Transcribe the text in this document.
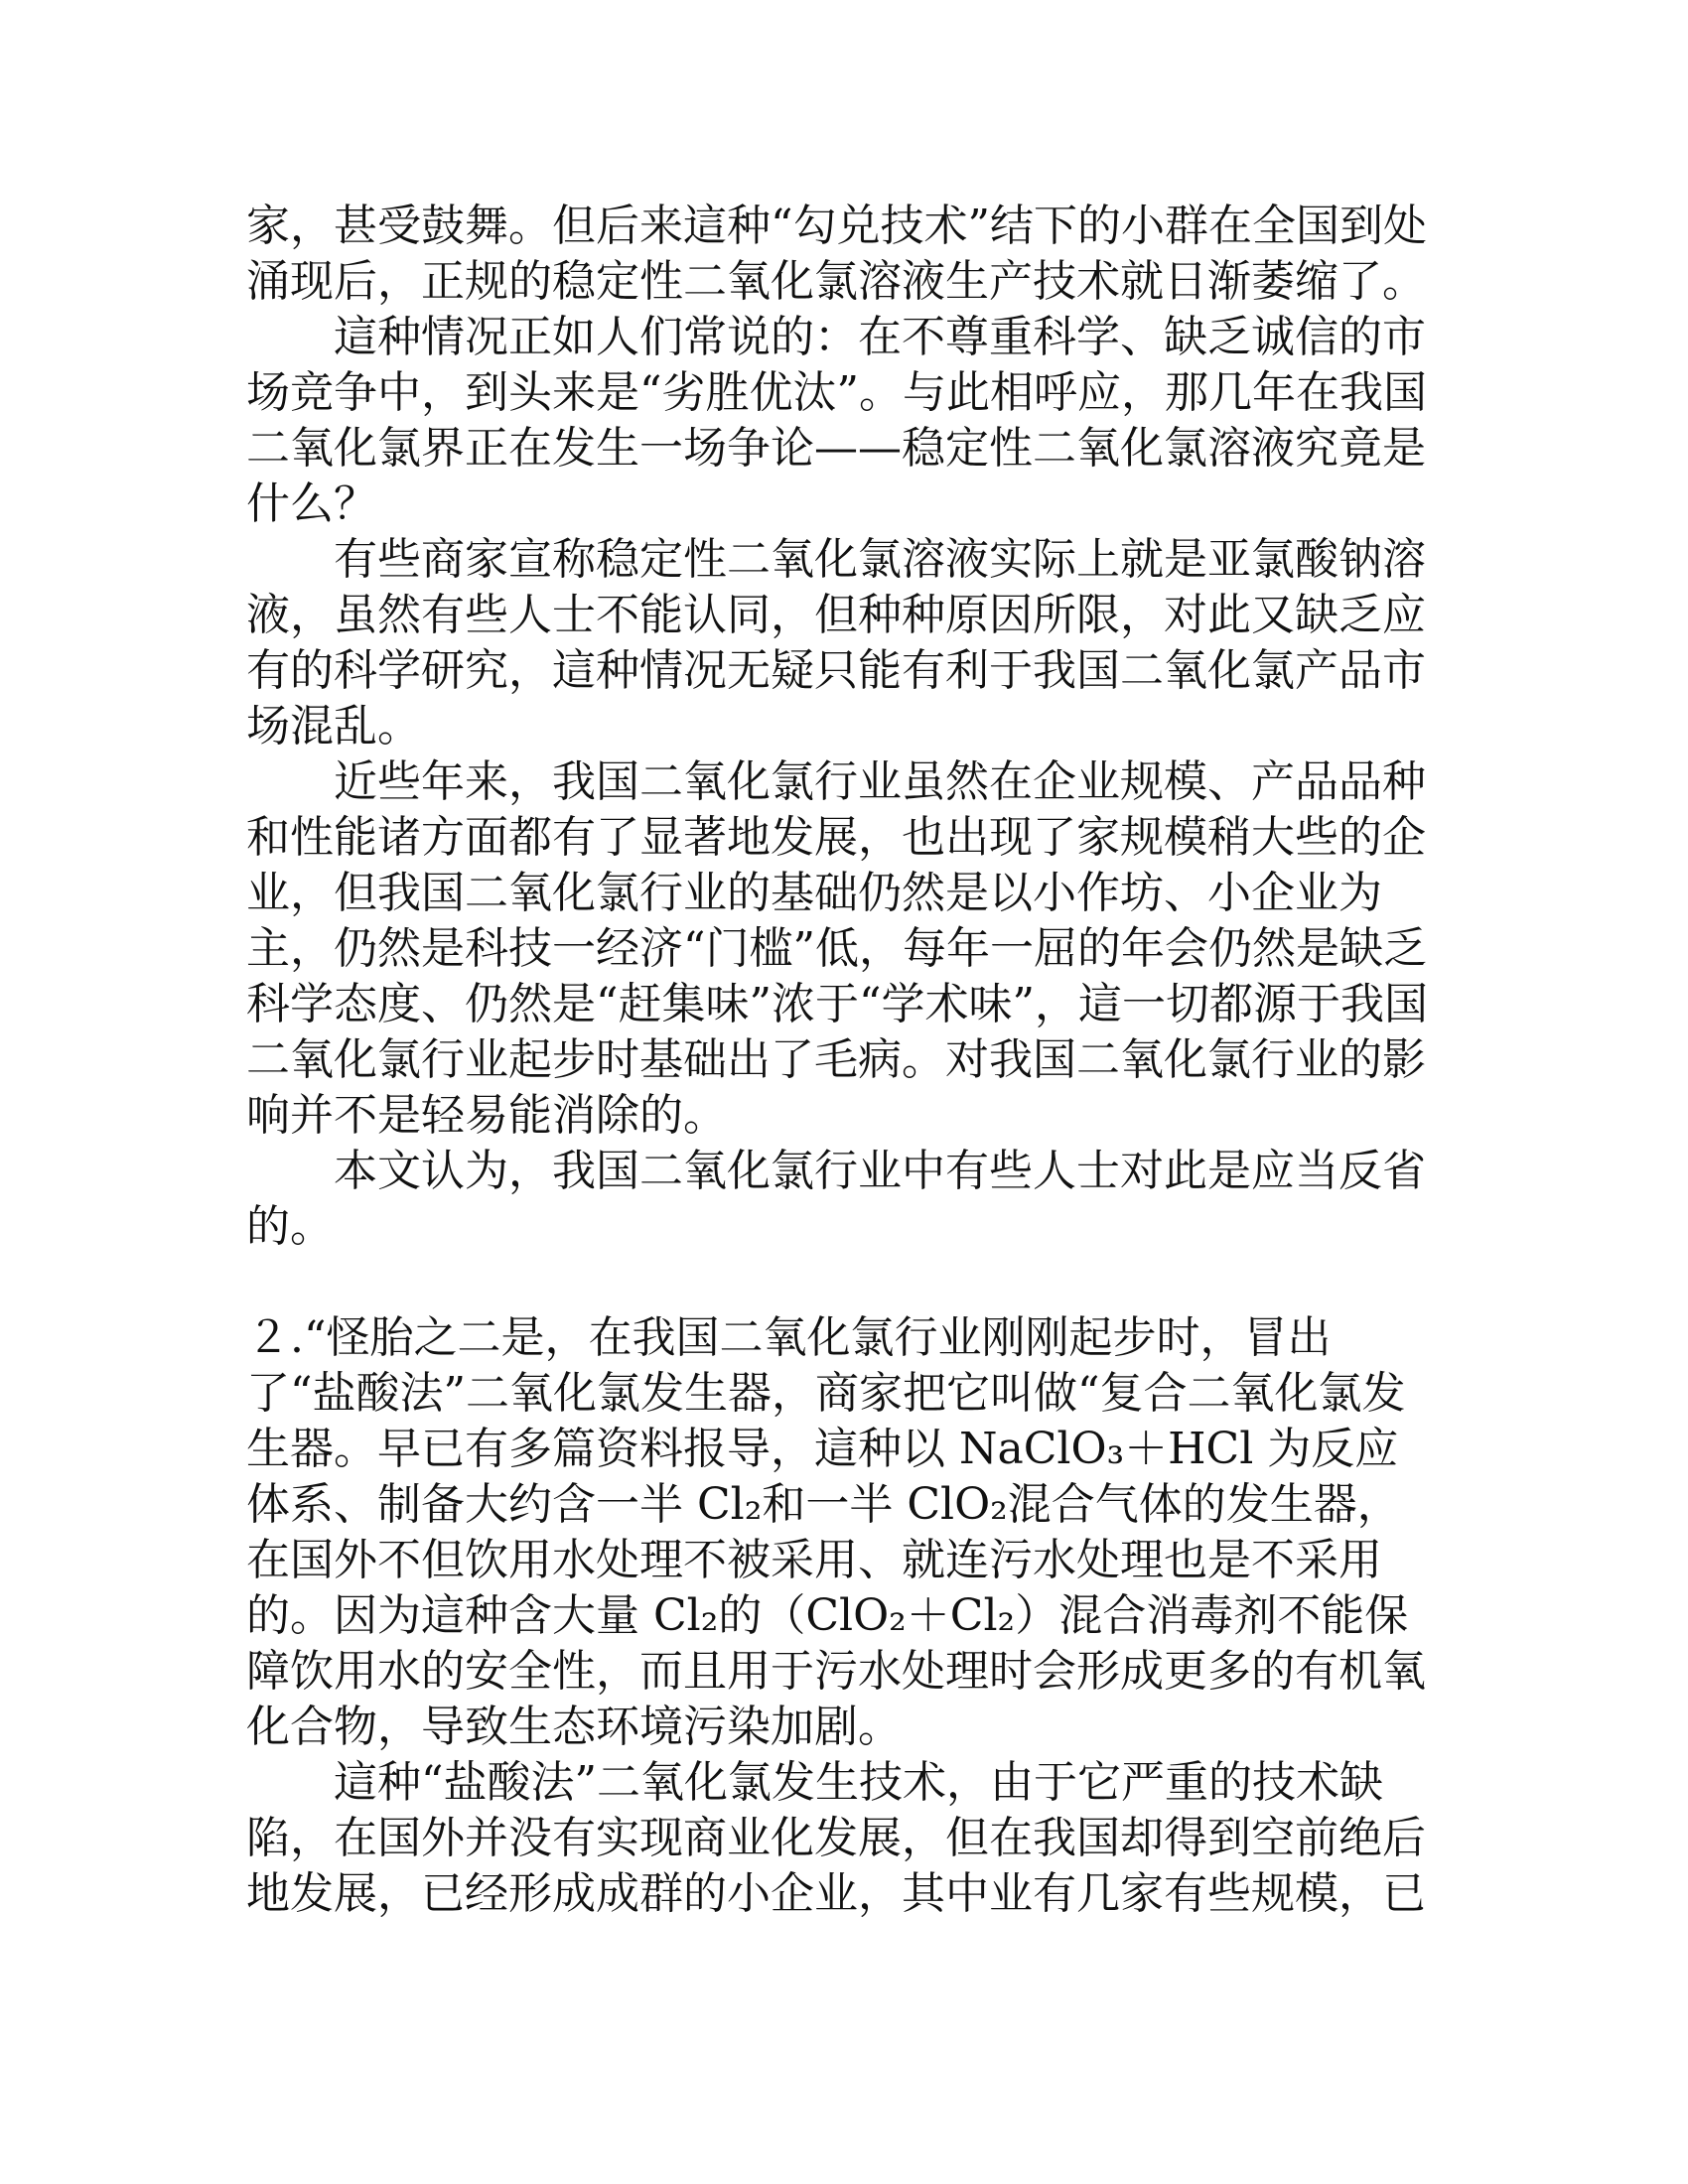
家，甚受鼓舞。但后来這种“勾兑技术”结下的小群在全国到处涌现后，正规的稳定性二氧化氯溶液生产技术就日渐萎缩了。

這种情况正如人们常说的：在不尊重科学、缺乏诚信的市场竞争中，到头来是“劣胜优汰”。与此相呼应，那几年在我国二氧化氯界正在发生一场争论——稳定性二氧化氯溶液究竟是什么？

有些商家宣称稳定性二氧化氯溶液实际上就是亚氯酸钠溶液，虽然有些人士不能认同，但种种原因所限，对此又缺乏应有的科学研究，這种情况无疑只能有利于我国二氧化氯产品市场混乱。

近些年来，我国二氧化氯行业虽然在企业规模、产品品种和性能诸方面都有了显著地发展，也出现了家规模稍大些的企业，但我国二氧化氯行业的基础仍然是以小作坊、小企业为主，仍然是科技一经济“门槛”低，每年一屈的年会仍然是缺乏科学态度、仍然是“赶集味”浓于“学术味”，這一切都源于我国二氧化氯行业起步时基础出了毛病。对我国二氧化氯行业的影响并不是轻易能消除的。

本文认为，我国二氧化氯行业中有些人士对此是应当反省的。

２.“怪胎之二是，在我国二氧化氯行业刚刚起步时，冒出了“盐酸法”二氧化氯发生器，商家把它叫做“复合二氧化氯发生器。早已有多篇资料报导，這种以 NaClO₃＋HCl 为反应体系、制备大约含一半 Cl₂和一半 ClO₂混合气体的发生器，在国外不但饮用水处理不被采用、就连污水处理也是不采用的。因为這种含大量 Cl₂的（ClO₂＋Cl₂）混合消毒剂不能保障饮用水的安全性，而且用于污水处理时会形成更多的有机氧化合物，导致生态环境污染加剧。

這种“盐酸法”二氧化氯发生技术，由于它严重的技术缺陷，在国外并没有实现商业化发展，但在我国却得到空前绝后地发展，已经形成成群的小企业，其中业有几家有些规模，已
